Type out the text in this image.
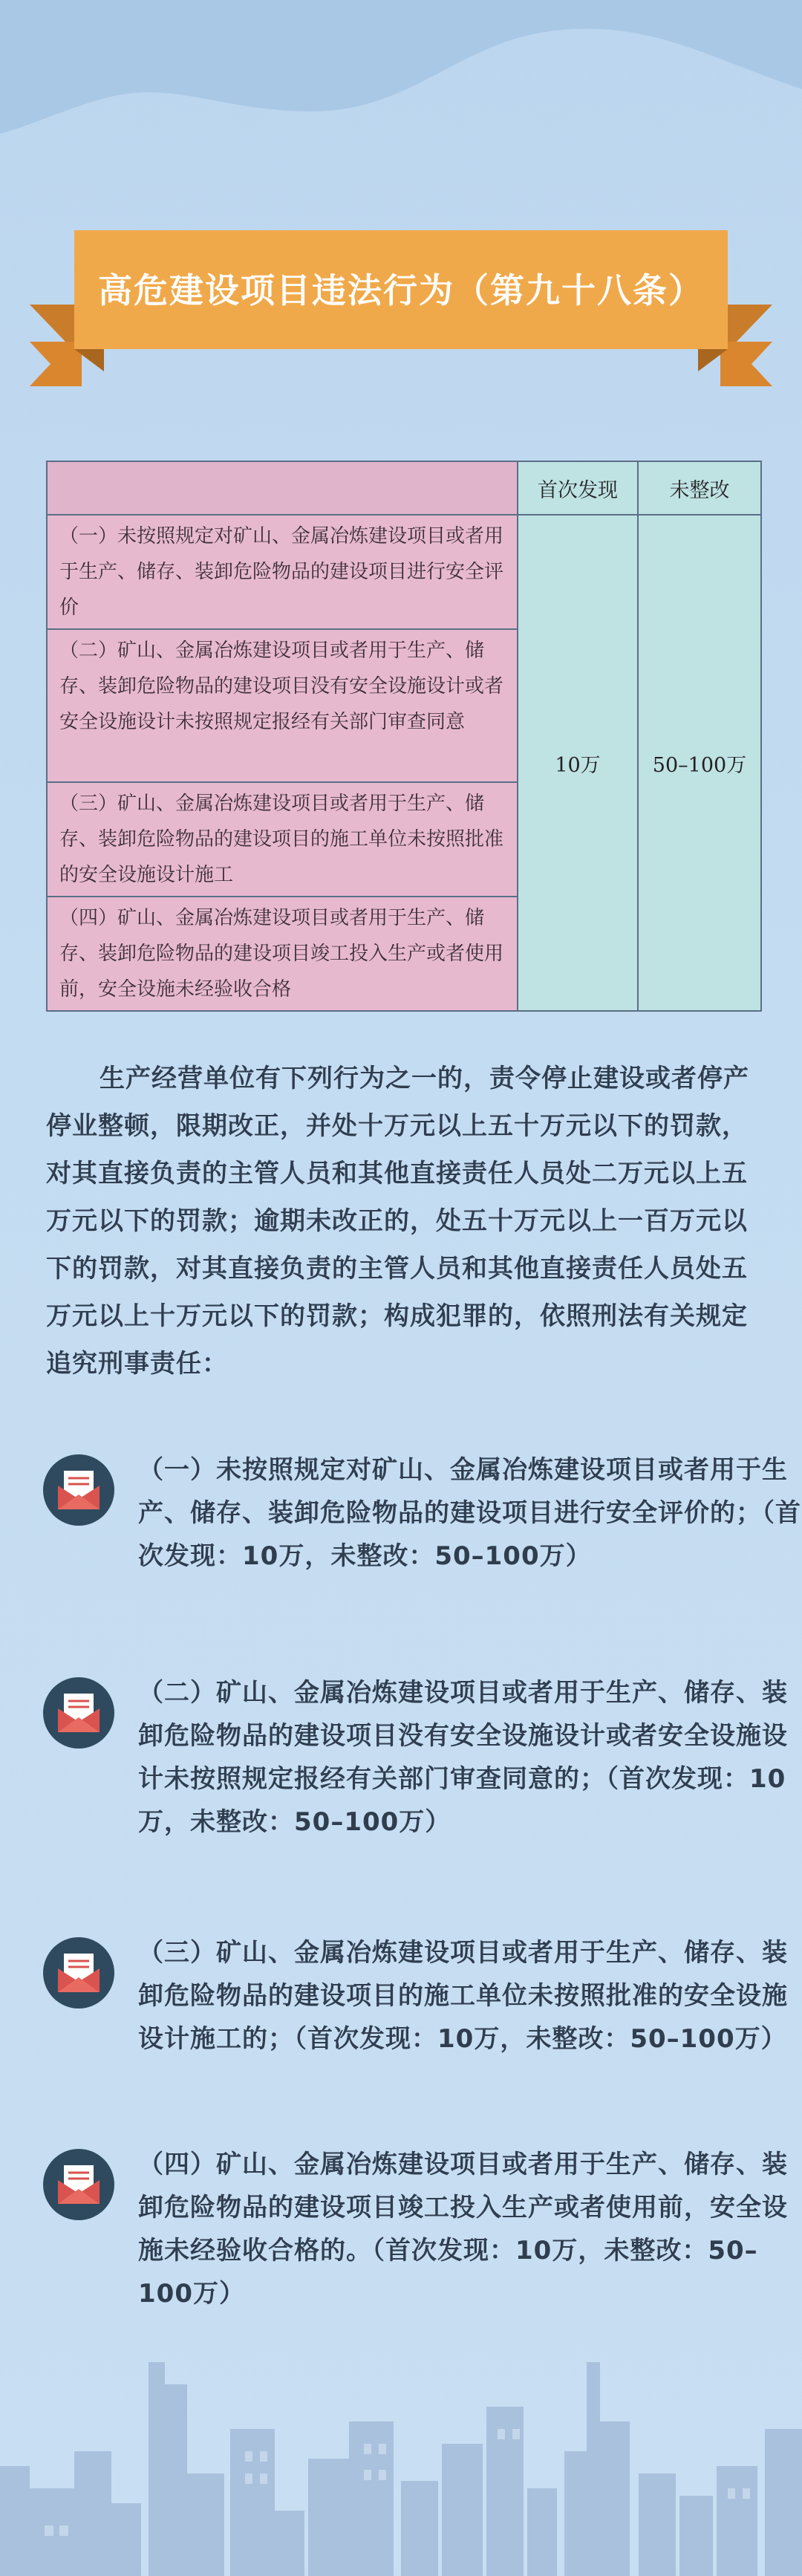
高危建设项目违法行为（第九十八条）
	首次发现	未整改
（一）未按照规定对矿山、金属冶炼建设项目或者用于生产、储存、装卸危险物品的建设项目进行安全评价	10万	50–100万
（二）矿山、金属冶炼建设项目或者用于生产、储存、装卸危险物品的建设项目没有安全设施设计或者安全设施设计未按照规定报经有关部门审查同意		
（三）矿山、金属冶炼建设项目或者用于生产、储存、装卸危险物品的建设项目的施工单位未按照批准的安全设施设计施工		
（四）矿山、金属冶炼建设项目或者用于生产、储存、装卸危险物品的建设项目竣工投入生产或者使用前，安全设施未经验收合格		
生产经营单位有下列行为之一的，责令停止建设或者停产停业整顿，限期改正，并处十万元以上五十万元以下的罚款，对其直接负责的主管人员和其他直接责任人员处二万元以上五万元以下的罚款；逾期未改正的，处五十万元以上一百万元以下的罚款，对其直接负责的主管人员和其他直接责任人员处五万元以上十万元以下的罚款；构成犯罪的，依照刑法有关规定追究刑事责任：
（一）未按照规定对矿山、金属冶炼建设项目或者用于生产、储存、装卸危险物品的建设项目进行安全评价的；（首次发现：10万，未整改：50–100万）
（二）矿山、金属冶炼建设项目或者用于生产、储存、装卸危险物品的建设项目没有安全设施设计或者安全设施设计未按照规定报经有关部门审查同意的；（首次发现：10万，未整改：50–100万）
（三）矿山、金属冶炼建设项目或者用于生产、储存、装卸危险物品的建设项目的施工单位未按照批准的安全设施设计施工的；（首次发现：10万，未整改：50–100万）
（四）矿山、金属冶炼建设项目或者用于生产、储存、装卸危险物品的建设项目竣工投入生产或者使用前，安全设施未经验收合格的。（首次发现：10万，未整改：50–100万）
